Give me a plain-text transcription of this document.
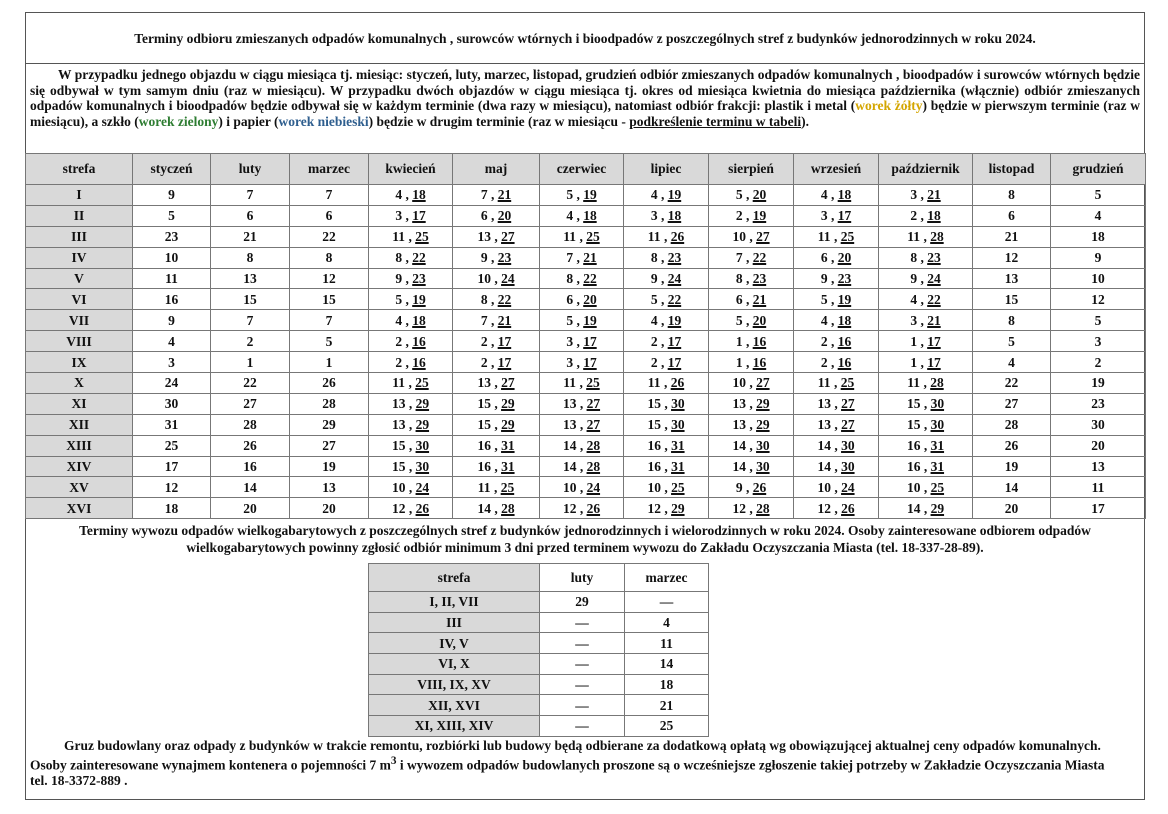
Terminy odbioru zmieszanych odpadów komunalnych , surowców wtórnych i bioodpadów z poszczególnych stref z budynków jednorodzinnych w roku 2024.
W przypadku jednego objazdu w ciągu miesiąca tj. miesiąc: styczeń, luty, marzec, listopad, grudzień odbiór zmieszanych odpadów komunalnych , bioodpadów i surowców wtórnych będzie się odbywał w tym samym dniu (raz w miesiącu). W przypadku dwóch objazdów w ciągu miesiąca tj. okres od miesiąca kwietnia do miesiąca października (włącznie) odbiór zmieszanych odpadów komunalnych i bioodpadów będzie odbywał się w każdym terminie (dwa razy w miesiącu), natomiast odbiór frakcji: plastik i metal (worek żółty) będzie w pierwszym terminie (raz w miesiącu), a szkło (worek zielony) i papier (worek niebieski) będzie w drugim terminie (raz w miesiącu - podkreślenie terminu w tabeli).
strefa	styczeń	luty	marzec	kwiecień	maj	czerwiec	lipiec	sierpień	wrzesień	październik	listopad	grudzień
I	9	7	7	4 , 18	7 , 21	5 , 19	4 , 19	5 , 20	4 , 18	3 , 21	8	5
II	5	6	6	3 , 17	6 , 20	4 , 18	3 , 18	2 , 19	3 , 17	2 , 18	6	4
III	23	21	22	11 , 25	13 , 27	11 , 25	11 , 26	10 , 27	11 , 25	11 , 28	21	18
IV	10	8	8	8 , 22	9 , 23	7 , 21	8 , 23	7 , 22	6 , 20	8 , 23	12	9
V	11	13	12	9 , 23	10 , 24	8 , 22	9 , 24	8 , 23	9 , 23	9 , 24	13	10
VI	16	15	15	5 , 19	8 , 22	6 , 20	5 , 22	6 , 21	5 , 19	4 , 22	15	12
VII	9	7	7	4 , 18	7 , 21	5 , 19	4 , 19	5 , 20	4 , 18	3 , 21	8	5
VIII	4	2	5	2 , 16	2 , 17	3 , 17	2 , 17	1 , 16	2 , 16	1 , 17	5	3
IX	3	1	1	2 , 16	2 , 17	3 , 17	2 , 17	1 , 16	2 , 16	1 , 17	4	2
X	24	22	26	11 , 25	13 , 27	11 , 25	11 , 26	10 , 27	11 , 25	11 , 28	22	19
XI	30	27	28	13 , 29	15 , 29	13 , 27	15 , 30	13 , 29	13 , 27	15 , 30	27	23
XII	31	28	29	13 , 29	15 , 29	13 , 27	15 , 30	13 , 29	13 , 27	15 , 30	28	30
XIII	25	26	27	15 , 30	16 , 31	14 , 28	16 , 31	14 , 30	14 , 30	16 , 31	26	20
XIV	17	16	19	15 , 30	16 , 31	14 , 28	16 , 31	14 , 30	14 , 30	16 , 31	19	13
XV	12	14	13	10 , 24	11 , 25	10 , 24	10 , 25	9 , 26	10 , 24	10 , 25	14	11
XVI	18	20	20	12 , 26	14 , 28	12 , 26	12 , 29	12 , 28	12 , 26	14 , 29	20	17
Terminy wywozu odpadów wielkogabarytowych z poszczególnych stref z budynków jednorodzinnych i wielorodzinnych w roku 2024. Osoby zainteresowane odbiorem odpadów wielkogabarytowych powinny zgłosić odbiór minimum 3 dni przed terminem wywozu do Zakładu Oczyszczania Miasta (tel. 18-337-28-89).
strefa	luty	marzec
I, II, VII	29	—
III	—	4
IV, V	—	11
VI, X	—	14
VIII, IX, XV	—	18
XII, XVI	—	21
XI, XIII, XIV	—	25
Gruz budowlany oraz odpady z budynków w trakcie remontu, rozbiórki lub budowy będą odbierane za dodatkową opłatą wg obowiązującej aktualnej ceny odpadów komunalnych. Osoby zainteresowane wynajmem kontenera o pojemności 7 $m^3$ i wywozem odpadów budowlanych proszone są o wcześniejsze zgłoszenie takiej potrzeby w Zakładzie Oczyszczania Miasta tel. 18-3372-889 .
